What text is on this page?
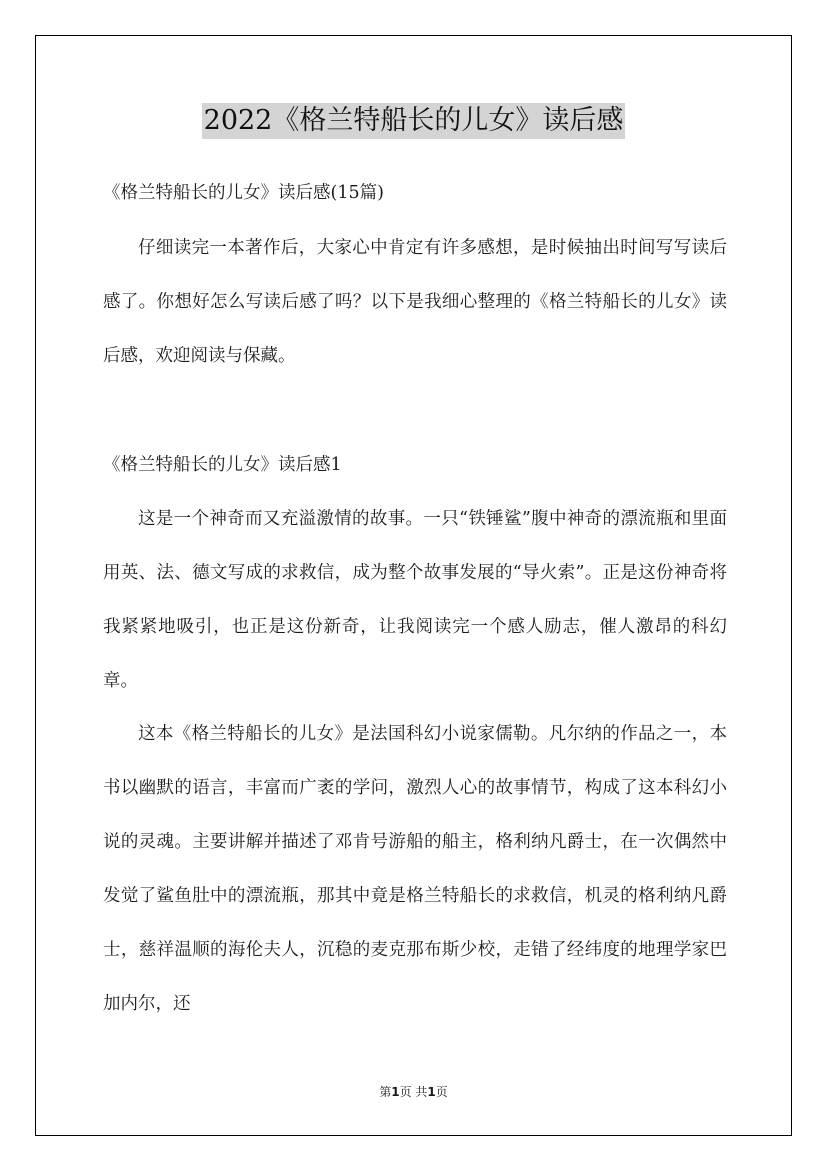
2022《格兰特船长的儿女》读后感
《格兰特船长的儿女》读后感(15篇)
仔细读完一本著作后，大家心中肯定有许多感想，是时候抽出时间写写读后感了。你想好怎么写读后感了吗？以下是我细心整理的《格兰特船长的儿女》读后感，欢迎阅读与保藏。
《格兰特船长的儿女》读后感1
这是一个神奇而又充溢激情的故事。一只“铁锤鲨”腹中神奇的漂流瓶和里面用英、法、德文写成的求救信，成为整个故事发展的“导火索”。正是这份神奇将我紧紧地吸引，也正是这份新奇，让我阅读完一个感人励志，催人激昂的科幻章。
这本《格兰特船长的儿女》是法国科幻小说家儒勒。凡尔纳的作品之一，本书以幽默的语言，丰富而广袤的学问，激烈人心的故事情节，构成了这本科幻小说的灵魂。主要讲解并描述了邓肯号游船的船主，格利纳凡爵士，在一次偶然中发觉了鲨鱼肚中的漂流瓶，那其中竟是格兰特船长的求救信，机灵的格利纳凡爵士，慈祥温顺的海伦夫人，沉稳的麦克那布斯少校，走错了经纬度的地理学家巴加内尔，还
第1页 共1页
